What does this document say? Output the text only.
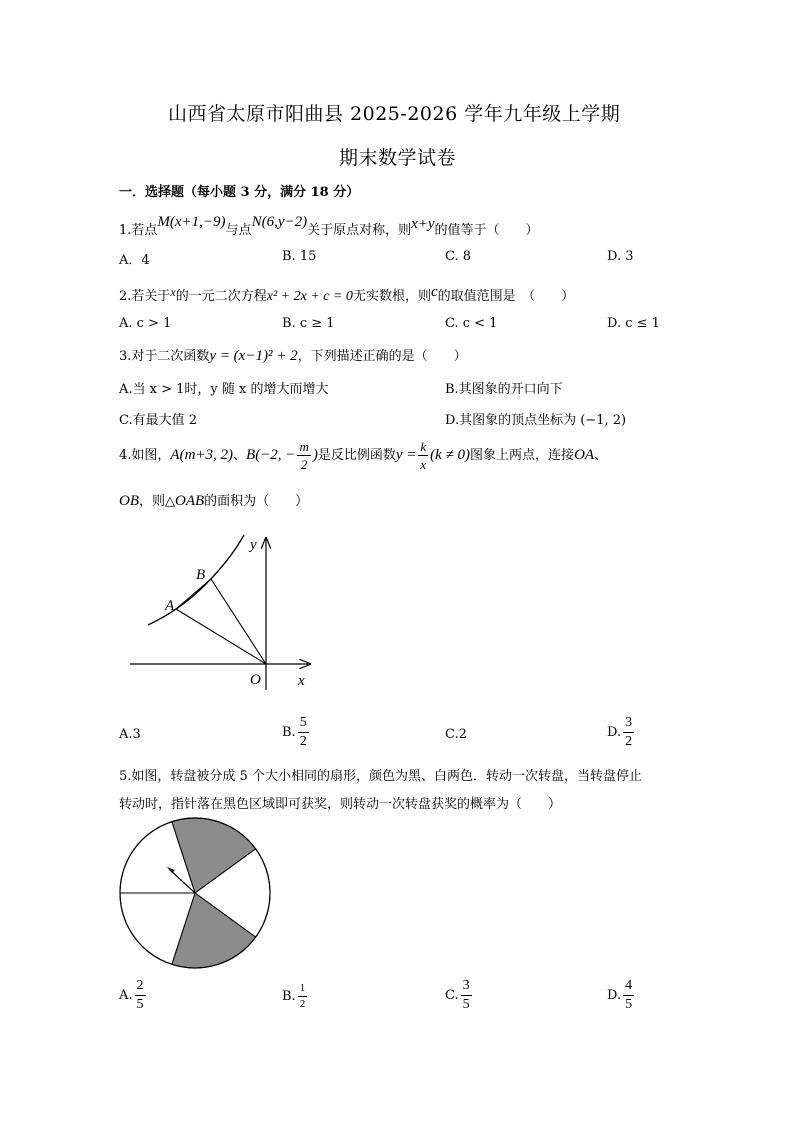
山西省太原市阳曲县 2025-2026 学年九年级上学期
期末数学试卷
一．选择题（每小题 3 分，满分 18 分）
1.若点M(x+1,−9)与点N(6,y−2)关于原点对称，则x+y的值等于（　　）
A．4	B. 15	C. 8	D. 3
2.若关于x的一元二次方程x² + 2x + c = 0无实数根，则c的取值范围是　（　　）
A. c > 1	B. c ≥ 1	C. c < 1	D. c ≤ 1
3.对于二次函数y = (x−1)² + 2，下列描述正确的是（　　）
A.当 x > 1时，y 随 x 的增大而增大	B.其图象的开口向下
C.有最大值 2	D.其图象的顶点坐标为 (−1, 2)
4.如图，A(m+3, 2)、B(−2, − $\frac{m}{2}$ )是反比例函数$y = \frac{k}{x} (k \ne 0)$图象上两点，连接OA、
OB，则△OAB的面积为（　　）
y
x
O
A
B
A.3	B. $\frac{5}{2}$	C.2	D. $\frac{3}{2}$
5.如图，转盘被分成 5 个大小相同的扇形，颜色为黑、白两色．转动一次转盘，当转盘停止
转动时，指针落在黑色区域即可获奖，则转动一次转盘获奖的概率为（　　）
A. $\frac{2}{5}$	B. $\frac{1}{2}$	C. $\frac{3}{5}$	D. $\frac{4}{5}$
